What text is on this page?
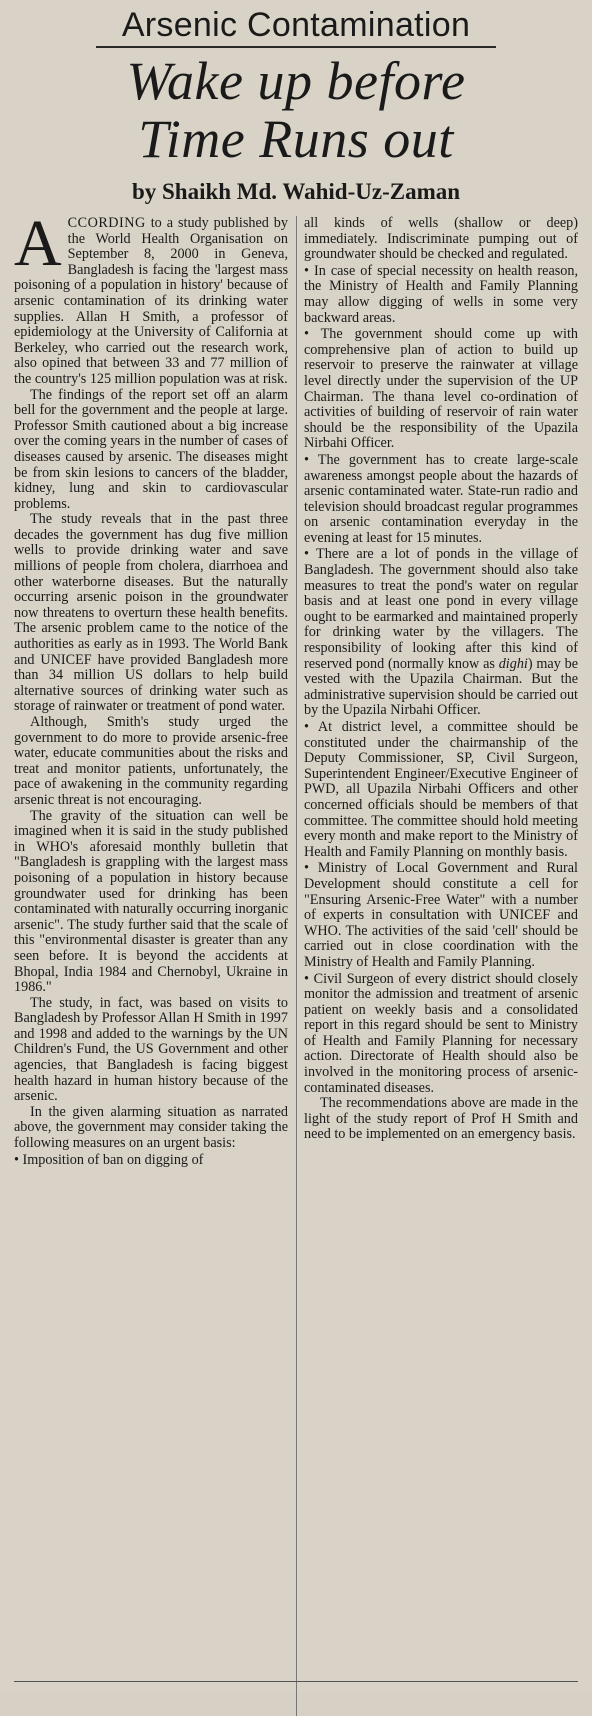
Arsenic Contamination
Wake up before
Time Runs out
by Shaikh Md. Wahid-Uz-Zaman

ACCORDING to a study published by the World Health Organisation on September 8, 2000 in Geneva, Bangladesh is facing the 'largest mass poisoning of a population in history' because of arsenic contamination of its drinking water supplies. Allan H Smith, a professor of epidemiology at the University of California at Berkeley, who carried out the research work, also opined that between 33 and 77 million of the country's 125 million population was at risk.

The findings of the report set off an alarm bell for the government and the people at large. Professor Smith cautioned about a big increase over the coming years in the number of cases of diseases caused by arsenic. The diseases might be from skin lesions to cancers of the bladder, kidney, lung and skin to cardiovascular problems.

The study reveals that in the past three decades the government has dug five million wells to provide drinking water and save millions of people from cholera, diarrhoea and other waterborne diseases. But the naturally occurring arsenic poison in the groundwater now threatens to overturn these health benefits. The arsenic problem came to the notice of the authorities as early as in 1993. The World Bank and UNICEF have provided Bangladesh more than 34 million US dollars to help build alternative sources of drinking water such as storage of rainwater or treatment of pond water.

Although, Smith's study urged the government to do more to provide arsenic-free water, educate communities about the risks and treat and monitor patients, unfortunately, the pace of awakening in the community regarding arsenic threat is not encouraging.

The gravity of the situation can well be imagined when it is said in the study published in WHO's aforesaid monthly bulletin that "Bangladesh is grappling with the largest mass poisoning of a population in history because groundwater used for drinking has been contaminated with naturally occurring inorganic arsenic". The study further said that the scale of this "environmental disaster is greater than any seen before. It is beyond the accidents at Bhopal, India 1984 and Chernobyl, Ukraine in 1986."

The study, in fact, was based on visits to Bangladesh by Professor Allan H Smith in 1997 and 1998 and added to the warnings by the UN Children's Fund, the US Government and other agencies, that Bangladesh is facing biggest health hazard in human history because of the arsenic.

In the given alarming situation as narrated above, the government may consider taking the following measures on an urgent basis:

• Imposition of ban on digging of

all kinds of wells (shallow or deep) immediately. Indiscriminate pumping out of groundwater should be checked and regulated.

• In case of special necessity on health reason, the Ministry of Health and Family Planning may allow digging of wells in some very backward areas.

• The government should come up with comprehensive plan of action to build up reservoir to preserve the rainwater at village level directly under the supervision of the UP Chairman. The thana level co-ordination of activities of building of reservoir of rain water should be the responsibility of the Upazila Nirbahi Officer.

• The government has to create large-scale awareness amongst people about the hazards of arsenic contaminated water. State-run radio and television should broadcast regular programmes on arsenic contamination everyday in the evening at least for 15 minutes.

• There are a lot of ponds in the village of Bangladesh. The government should also take measures to treat the pond's water on regular basis and at least one pond in every village ought to be earmarked and maintained properly for drinking water by the villagers. The responsibility of looking after this kind of reserved pond (normally know as dighi) may be vested with the Upazila Chairman. But the administrative supervision should be carried out by the Upazila Nirbahi Officer.

• At district level, a committee should be constituted under the chairmanship of the Deputy Commissioner, SP, Civil Surgeon, Superintendent Engineer/Executive Engineer of PWD, all Upazila Nirbahi Officers and other concerned officials should be members of that committee. The committee should hold meeting every month and make report to the Ministry of Health and Family Planning on monthly basis.

• Ministry of Local Government and Rural Development should constitute a cell for "Ensuring Arsenic-Free Water" with a number of experts in consultation with UNICEF and WHO. The activities of the said 'cell' should be carried out in close coordination with the Ministry of Health and Family Planning.

• Civil Surgeon of every district should closely monitor the admission and treatment of arsenic patient on weekly basis and a consolidated report in this regard should be sent to Ministry of Health and Family Planning for necessary action. Directorate of Health should also be involved in the monitoring process of arsenic-contaminated diseases.

The recommendations above are made in the light of the study report of Prof H Smith and need to be implemented on an emergency basis.
